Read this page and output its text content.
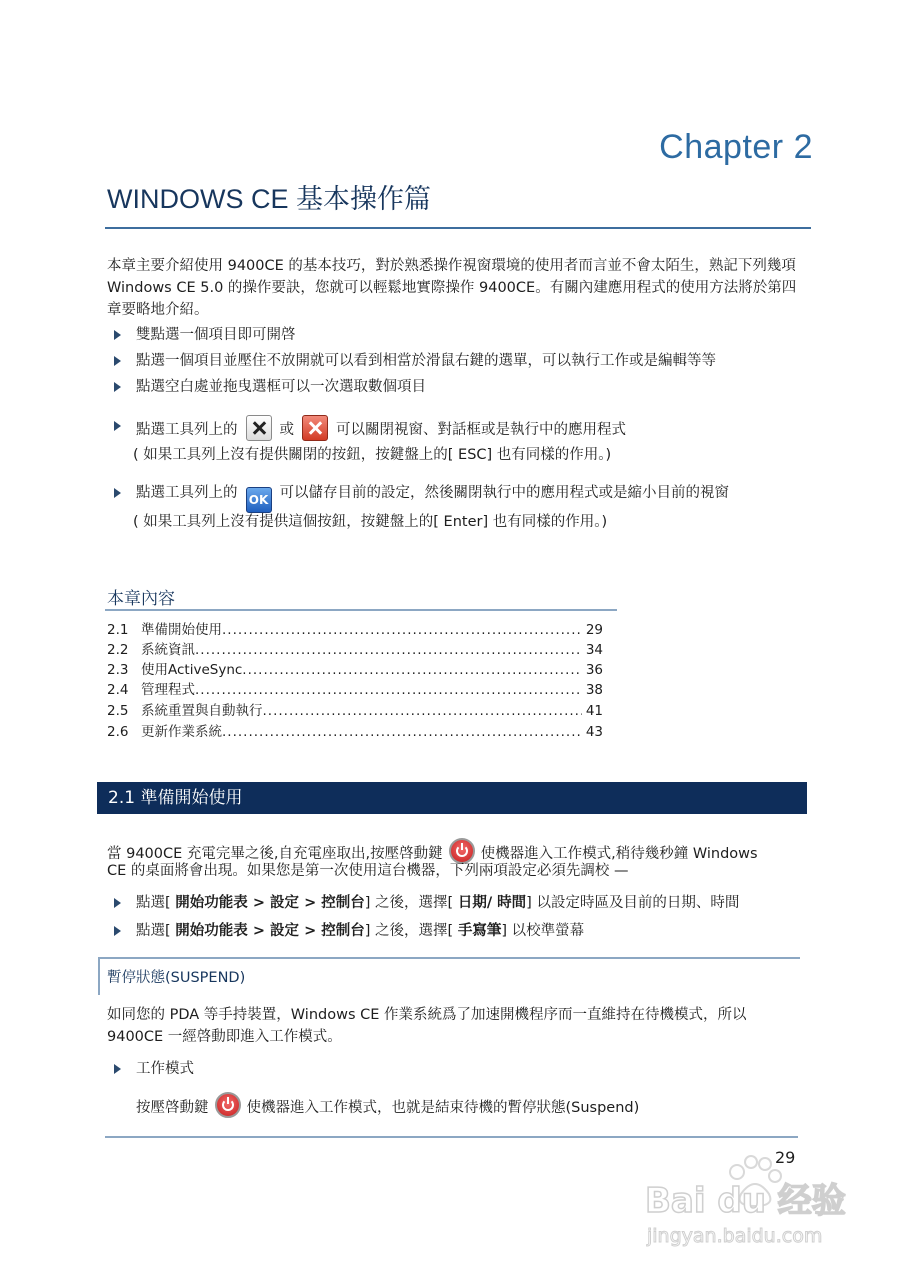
Chapter 2
WINDOWS CE 基本操作篇
本章主要介紹使用 9400CE 的基本技巧，對於熟悉操作視窗環境的使用者而言並不會太陌生，熟記下列幾項 Windows CE 5.0 的操作要訣，您就可以輕鬆地實際操作 9400CE。有關內建應用程式的使用方法將於第四章要略地介紹。
雙點選一個項目即可開啓
點選一個項目並壓住不放開就可以看到相當於滑鼠右鍵的選單，可以執行工作或是編輯等等
點選空白處並拖曳選框可以一次選取數個項目
點選工具列上的	或	可以關閉視窗、對話框或是執行中的應用程式
( 如果工具列上沒有提供關閉的按鈕，按鍵盤上的[ ESC] 也有同樣的作用。)
點選工具列上的 OK 可以儲存目前的設定，然後關閉執行中的應用程式或是縮小目前的視窗
( 如果工具列上沒有提供這個按鈕，按鍵盤上的[ Enter] 也有同樣的作用。)
本章內容
2.1 準備開始使用 .....	29
2.2 系統資訊 .....	34
2.3 使用ActiveSync .....	36
2.4 管理程式 .....	38
2.5 系統重置與自動執行 .....	41
2.6 更新作業系統 .....	43
2.1 準備開始使用
當 9400CE 充電完畢之後,自充電座取出,按壓啓動鍵	使機器進入工作模式,稍待幾秒鐘 Windows
CE 的桌面將會出現。如果您是第一次使用這台機器，下列兩項設定必須先調校 —
點選[ 開始功能表 > 設定 > 控制台] 之後，選擇[ 日期/ 時間] 以設定時區及目前的日期、時間
點選[ 開始功能表 > 設定 > 控制台] 之後，選擇[ 手寫筆] 以校準螢幕
暫停狀態(SUSPEND)
如同您的 PDA 等手持裝置，Windows CE 作業系統爲了加速開機程序而一直維持在待機模式，所以 9400CE 一經啓動即進入工作模式。
工作模式
按壓啓動鍵	使機器進入工作模式，也就是結束待機的暫停狀態(Suspend)
29
Bai du 经验
jingyan.baidu.com
